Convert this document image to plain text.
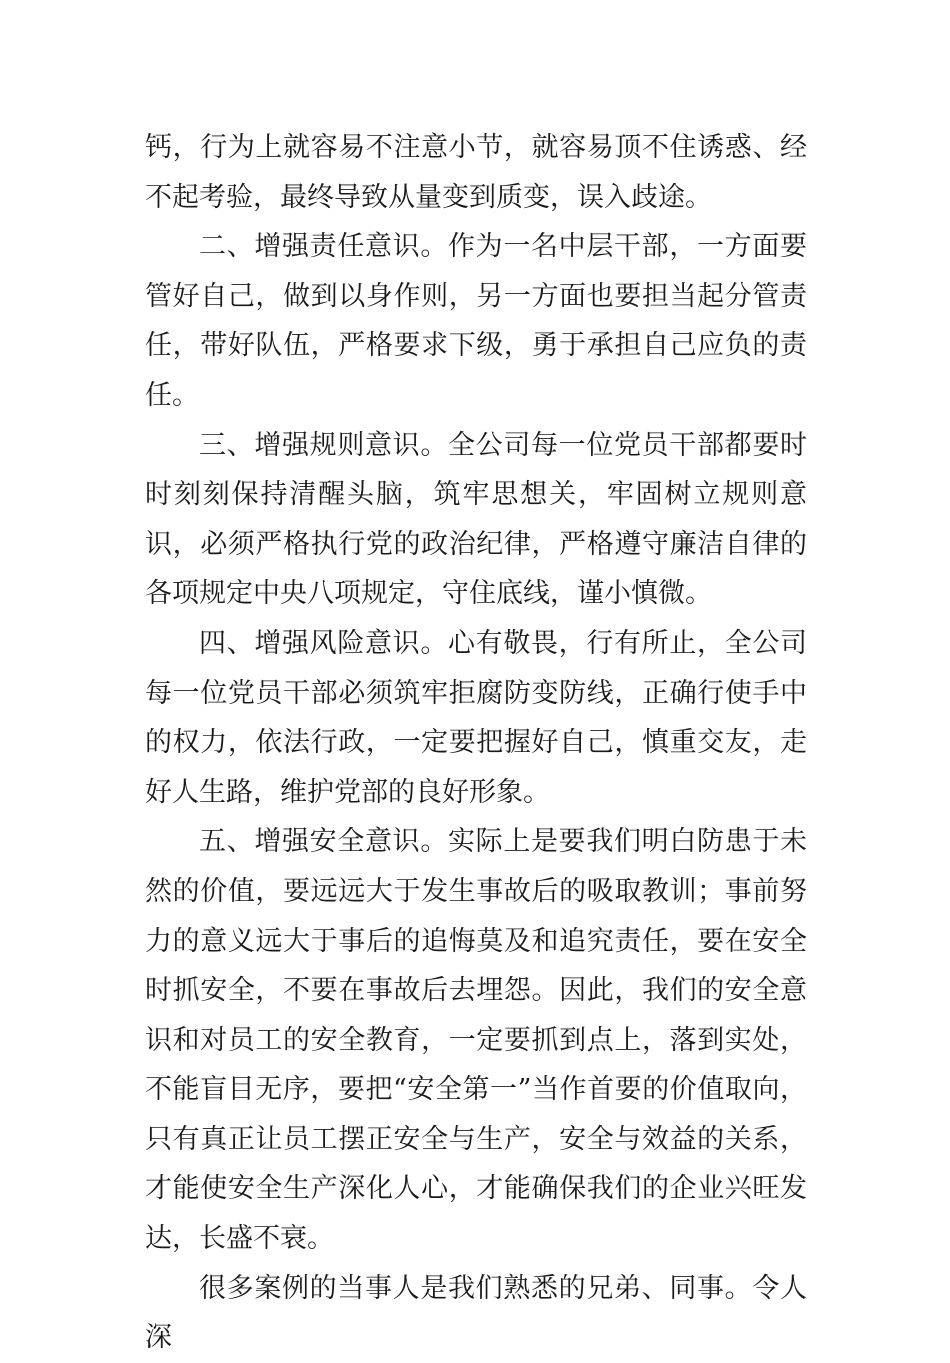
钙，行为上就容易不注意小节，就容易顶不住诱惑、经不起考验，最终导致从量变到质变，误入歧途。

二、增强责任意识。作为一名中层干部，一方面要管好自己，做到以身作则，另一方面也要担当起分管责任，带好队伍，严格要求下级，勇于承担自己应负的责任。

三、增强规则意识。全公司每一位党员干部都要时时刻刻保持清醒头脑，筑牢思想关，牢固树立规则意识，必须严格执行党的政治纪律，严格遵守廉洁自律的各项规定中央八项规定，守住底线，谨小慎微。

四、增强风险意识。心有敬畏，行有所止，全公司每一位党员干部必须筑牢拒腐防变防线，正确行使手中的权力，依法行政，一定要把握好自己，慎重交友，走好人生路，维护党部的良好形象。

五、增强安全意识。实际上是要我们明白防患于未然的价值，要远远大于发生事故后的吸取教训；事前努力的意义远大于事后的追悔莫及和追究责任，要在安全时抓安全，不要在事故后去埋怨。因此，我们的安全意识和对员工的安全教育，一定要抓到点上，落到实处，不能盲目无序，要把“安全第一”当作首要的价值取向，只有真正让员工摆正安全与生产，安全与效益的关系，才能使安全生产深化人心，才能确保我们的企业兴旺发达，长盛不衰。

很多案例的当事人是我们熟悉的兄弟、同事。令人深
